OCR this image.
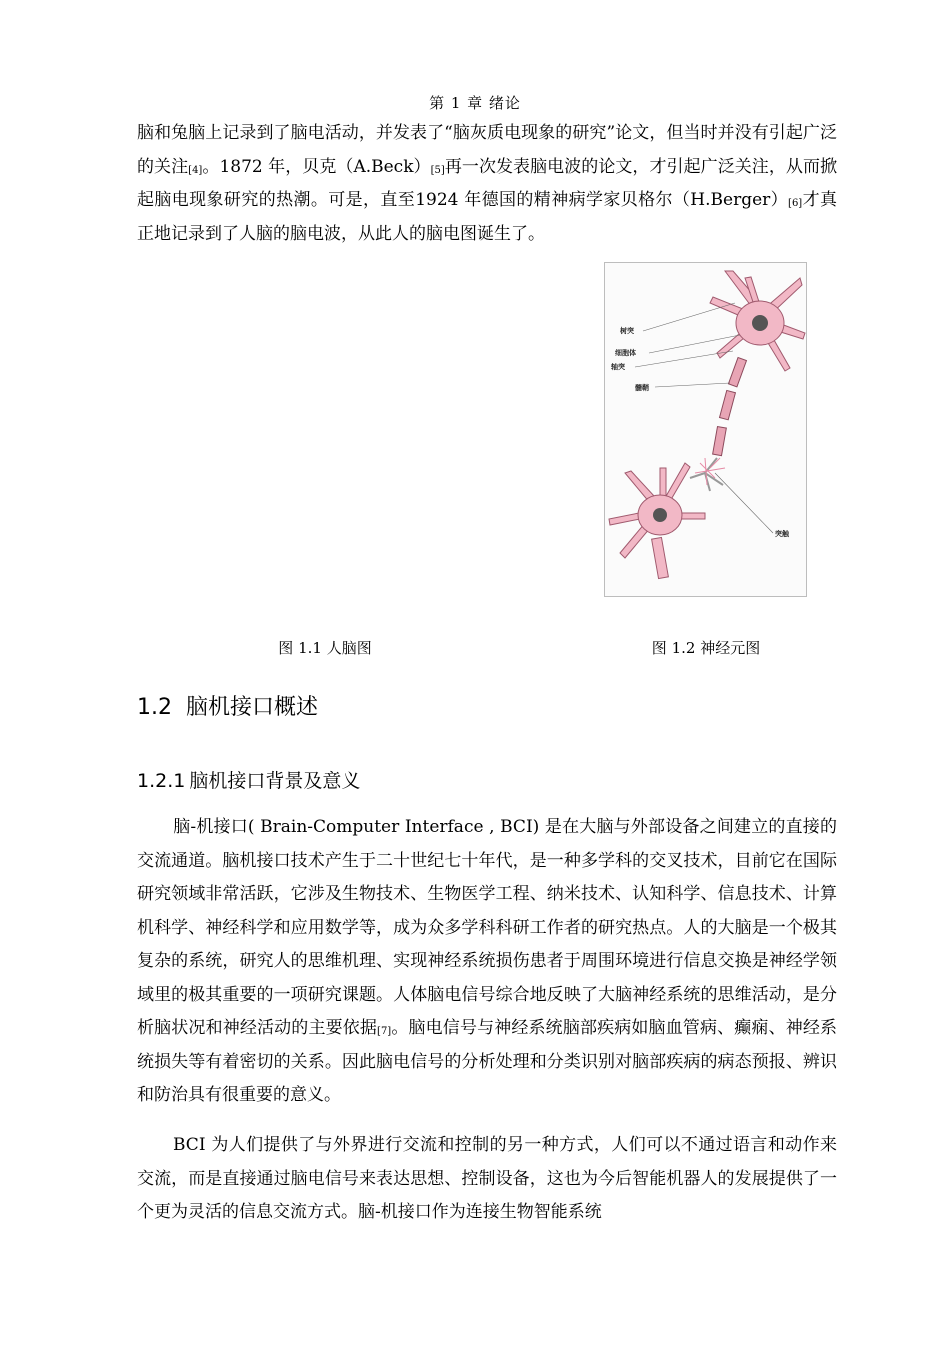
第 1 章 绪论

脑和兔脑上记录到了脑电活动，并发表了“脑灰质电现象的研究”论文，但当时并没有引起广泛的关注[4]。1872 年，贝克（A.Beck）[5]再一次发表脑电波的论文，才引起广泛关注，从而掀起脑电现象研究的热潮。可是，直至1924 年德国的精神病学家贝格尔（H.Berger）[6]才真正地记录到了人脑的脑电波，从此人的脑电图诞生了。

树突
细胞体
轴突
髓鞘
突触
图 1.1 人脑图	图 1.2 神经元图
1.2 脑机接口概述
1.2.1 脑机接口背景及意义

脑-机接口( Brain-Computer Interface , BCI) 是在大脑与外部设备之间建立的直接的交流通道。脑机接口技术产生于二十世纪七十年代，是一种多学科的交叉技术，目前它在国际研究领域非常活跃，它涉及生物技术、生物医学工程、纳米技术、认知科学、信息技术、计算机科学、神经科学和应用数学等，成为众多学科科研工作者的研究热点。人的大脑是一个极其复杂的系统，研究人的思维机理、实现神经系统损伤患者于周围环境进行信息交换是神经学领域里的极其重要的一项研究课题。人体脑电信号综合地反映了大脑神经系统的思维活动，是分析脑状况和神经活动的主要依据[7]。脑电信号与神经系统脑部疾病如脑血管病、癫痫、神经系统损失等有着密切的关系。因此脑电信号的分析处理和分类识别对脑部疾病的病态预报、辨识和防治具有很重要的意义。

BCI 为人们提供了与外界进行交流和控制的另一种方式，人们可以不通过语言和动作来交流，而是直接通过脑电信号来表达思想、控制设备，这也为今后智能机器人的发展提供了一个更为灵活的信息交流方式。脑-机接口作为连接生物智能系统
